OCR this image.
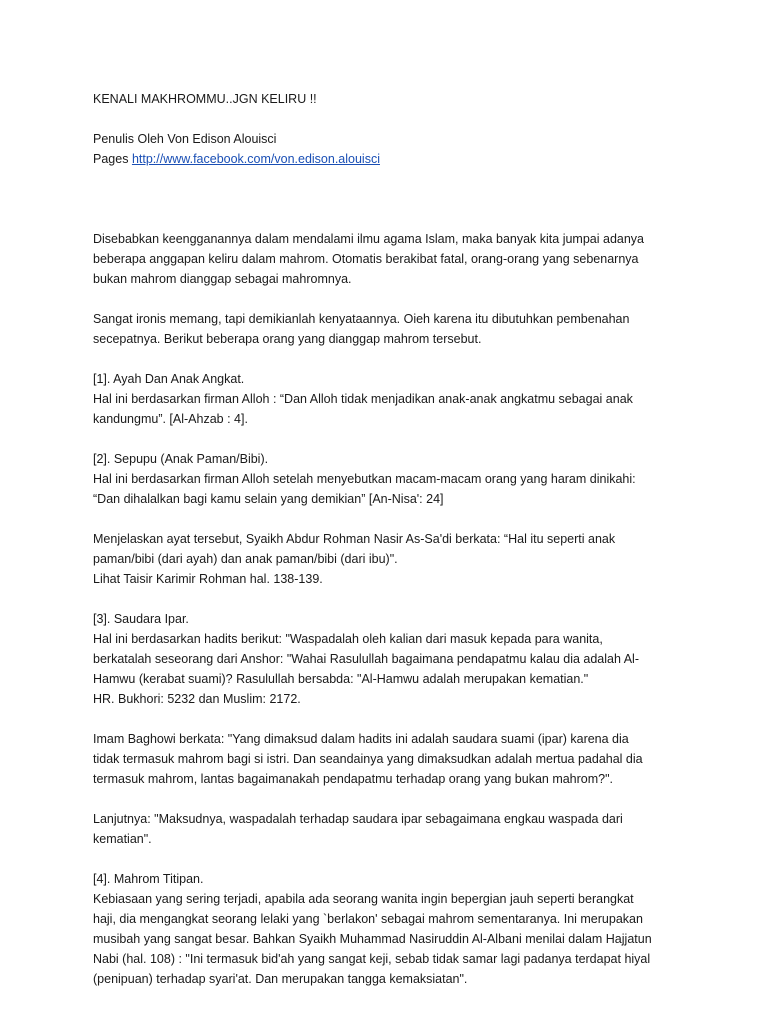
KENALI MAKHROMMU..JGN KELIRU !!

Penulis Oleh Von Edison Alouisci

Pages http://www.facebook.com/von.edison.alouisci

Disebabkan keengganannya dalam mendalami ilmu agama Islam, maka banyak kita jumpai adanya

beberapa anggapan keliru dalam mahrom. Otomatis berakibat fatal, orang-orang yang sebenarnya

bukan mahrom dianggap sebagai mahromnya.

Sangat ironis memang, tapi demikianlah kenyataannya. Oieh karena itu dibutuhkan pembenahan

secepatnya. Berikut beberapa orang yang dianggap mahrom tersebut.

[1]. Ayah Dan Anak Angkat.

Hal ini berdasarkan firman Alloh : “Dan Alloh tidak menjadikan anak-anak angkatmu sebagai anak

kandungmu”. [Al-Ahzab : 4].

[2]. Sepupu (Anak Paman/Bibi).

Hal ini berdasarkan firman Alloh setelah menyebutkan macam-macam orang yang haram dinikahi:

“Dan dihalalkan bagi kamu selain yang demikian” [An-Nisa': 24]

Menjelaskan ayat tersebut, Syaikh Abdur Rohman Nasir As-Sa'di berkata: “Hal itu seperti anak

paman/bibi (dari ayah) dan anak paman/bibi (dari ibu)".

Lihat Taisir Karimir Rohman hal. 138-139.

[3]. Saudara Ipar.

Hal ini berdasarkan hadits berikut: "Waspadalah oleh kalian dari masuk kepada para wanita,

berkatalah seseorang dari Anshor: "Wahai Rasulullah bagaimana pendapatmu kalau dia adalah Al-

Hamwu (kerabat suami)? Rasulullah bersabda: "Al-Hamwu adalah merupakan kematian."

HR. Bukhori: 5232 dan Muslim: 2172.

Imam Baghowi berkata: "Yang dimaksud dalam hadits ini adalah saudara suami (ipar) karena dia

tidak termasuk mahrom bagi si istri. Dan seandainya yang dimaksudkan adalah mertua padahal dia

termasuk mahrom, lantas bagaimanakah pendapatmu terhadap orang yang bukan mahrom?".

Lanjutnya: "Maksudnya, waspadalah terhadap saudara ipar sebagaimana engkau waspada dari

kematian".

[4]. Mahrom Titipan.

Kebiasaan yang sering terjadi, apabila ada seorang wanita ingin bepergian jauh seperti berangkat

haji, dia mengangkat seorang lelaki yang `berlakon' sebagai mahrom sementaranya. Ini merupakan

musibah yang sangat besar. Bahkan Syaikh Muhammad Nasiruddin Al-Albani menilai dalam Hajjatun

Nabi (hal. 108) : "Ini termasuk bid'ah yang sangat keji, sebab tidak samar lagi padanya terdapat hiyal

(penipuan) terhadap syari'at. Dan merupakan tangga kemaksiatan".
